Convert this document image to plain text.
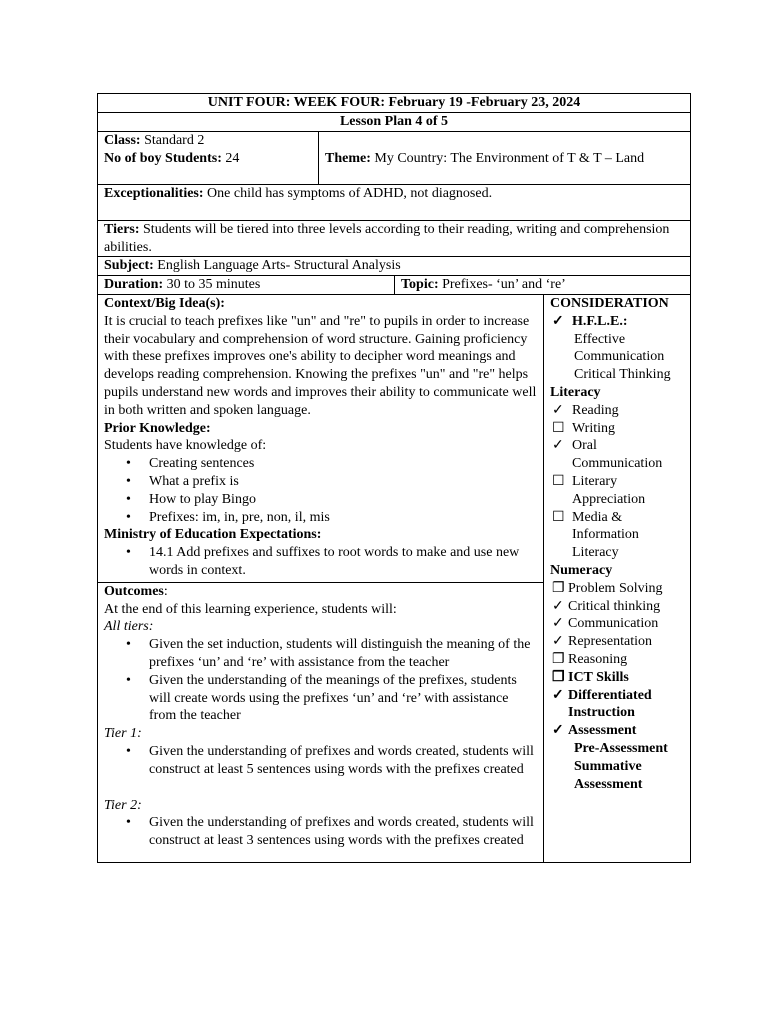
UNIT FOUR: WEEK FOUR: February 19 -February 23, 2024
Lesson Plan 4 of 5
Class: Standard 2
No of boy Students: 24	Theme: My Country: The Environment of T & T – Land
Exceptionalities: One child has symptoms of ADHD, not diagnosed.
Tiers: Students will be tiered into three levels according to their reading, writing and comprehension abilities.
Subject: English Language Arts- Structural Analysis
Duration: 30 to 35 minutes	Topic: Prefixes- ‘un’ and ‘re’
Context/Big Idea(s):
It is crucial to teach prefixes like "un" and "re" to pupils in order to increase their vocabulary and comprehension of word structure. Gaining proficiency with these prefixes improves one's ability to decipher word meanings and develops reading comprehension. Knowing the prefixes "un" and "re" helps pupils understand new words and improves their ability to communicate well in both written and spoken language.
Prior Knowledge:
Students have knowledge of:
• Creating sentences
• What a prefix is
• How to play Bingo
• Prefixes: im, in, pre, non, il, mis
Ministry of Education Expectations:
• 14.1 Add prefixes and suffixes to root words to make and use new words in context.
Outcomes:
At the end of this learning experience, students will:
All tiers:
• Given the set induction, students will distinguish the meaning of the prefixes ‘un’ and ‘re’ with assistance from the teacher
• Given the understanding of the meanings of the prefixes, students will create words using the prefixes ‘un’ and ‘re’ with assistance from the teacher
Tier 1:
• Given the understanding of prefixes and words created, students will construct at least 5 sentences using words with the prefixes created
Tier 2:
• Given the understanding of prefixes and words created, students will construct at least 3 sentences using words with the prefixes created
CONSIDERATION
✓ H.F.L.E.:
Effective
Communication
Critical Thinking
Literacy
✓ Reading
☐ Writing
✓ Oral Communication
☐ Literary Appreciation
☐ Media & Information Literacy
Numeracy
❐ Problem Solving
✓ Critical thinking
✓ Communication
✓ Representation
❐ Reasoning
❐ ICT Skills
✓ Differentiated Instruction
✓ Assessment
Pre-Assessment
Summative Assessment
